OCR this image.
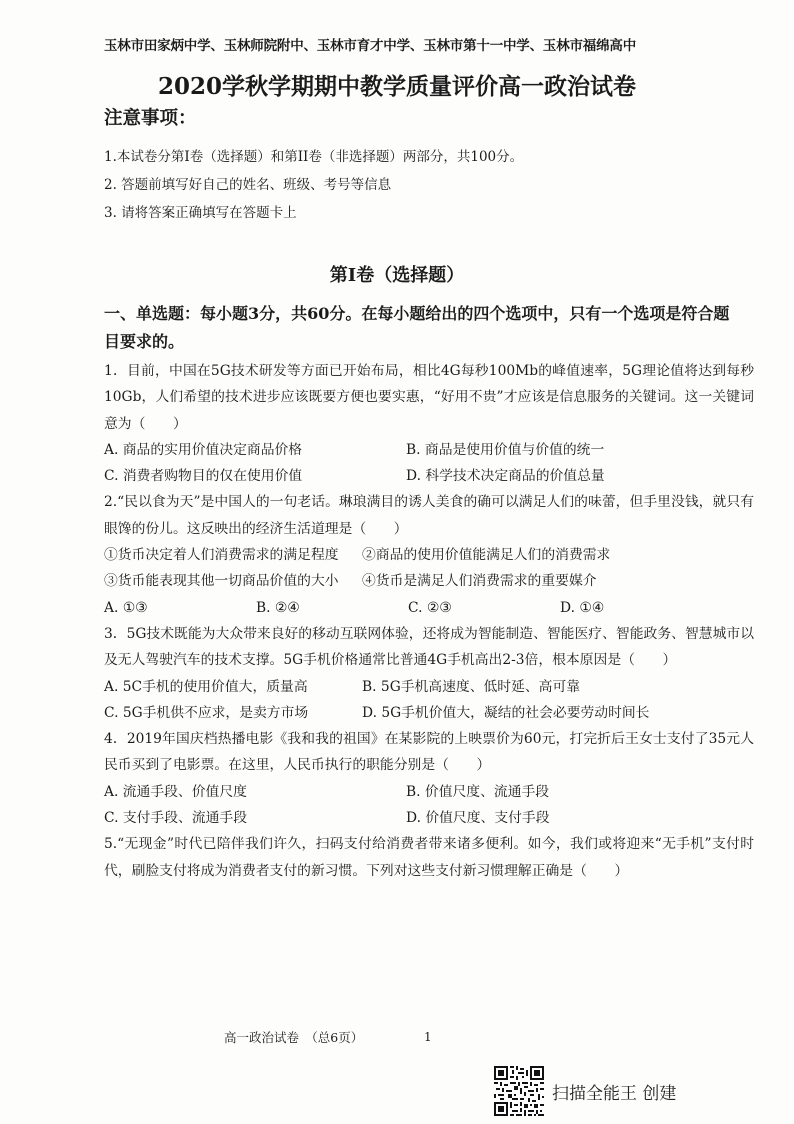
玉林市田家炳中学、玉林师院附中、玉林市育才中学、玉林市第十一中学、玉林市福绵高中
2020学秋学期期中教学质量评价高一政治试卷
注意事项：
1.本试卷分第Ⅰ卷（选择题）和第II卷（非选择题）两部分，共100分。
2. 答题前填写好自己的姓名、班级、考号等信息
3. 请将答案正确填写在答题卡上
第Ⅰ卷（选择题）
一、单选题：每小题3分，共60分。在每小题给出的四个选项中，只有一个选项是符合题目要求的。
1．目前，中国在5G技术研发等方面已开始布局，相比4G每秒100Mb的峰值速率，5G理论值将达到每秒10Gb，人们希望的技术进步应该既要方便也要实惠，“好用不贵”才应该是信息服务的关键词。这一关键词意为（　　）
A. 商品的实用价值决定商品价格	B. 商品是使用价值与价值的统一
C. 消费者购物目的仅在使用价值	D. 科学技术决定商品的价值总量
2.“民以食为天”是中国人的一句老话。琳琅满目的诱人美食的确可以满足人们的味蕾，但手里没钱，就只有眼馋的份儿。这反映出的经济生活道理是（　　）
①货币决定着人们消费需求的满足程度	②商品的使用价值能满足人们的消费需求
③货币能表现其他一切商品价值的大小	④货币是满足人们消费需求的重要媒介
A. ①③	B. ②④	C. ②③	D. ①④
3．5G技术既能为大众带来良好的移动互联网体验，还将成为智能制造、智能医疗、智能政务、智慧城市以及无人驾驶汽车的技术支撑。5G手机价格通常比普通4G手机高出2-3倍，根本原因是（　　）
A. 5C手机的使用价值大，质量高	B. 5G手机高速度、低时延、高可靠
C. 5G手机供不应求，是卖方市场	D. 5G手机价值大，凝结的社会必要劳动时间长
4．2019年国庆档热播电影《我和我的祖国》在某影院的上映票价为60元，打完折后王女士支付了35元人民币买到了电影票。在这里，人民币执行的职能分别是（　　）
A. 流通手段、价值尺度	B. 价值尺度、流通手段
C. 支付手段、流通手段	D. 价值尺度、支付手段
5.“无现金”时代已陪伴我们许久，扫码支付给消费者带来诸多便利。如今，我们或将迎来“无手机”支付时代，刷脸支付将成为消费者支付的新习惯。下列对这些支付新习惯理解正确是（　　）
高一政治试卷　（总6页）	1
扫描全能王 创建
